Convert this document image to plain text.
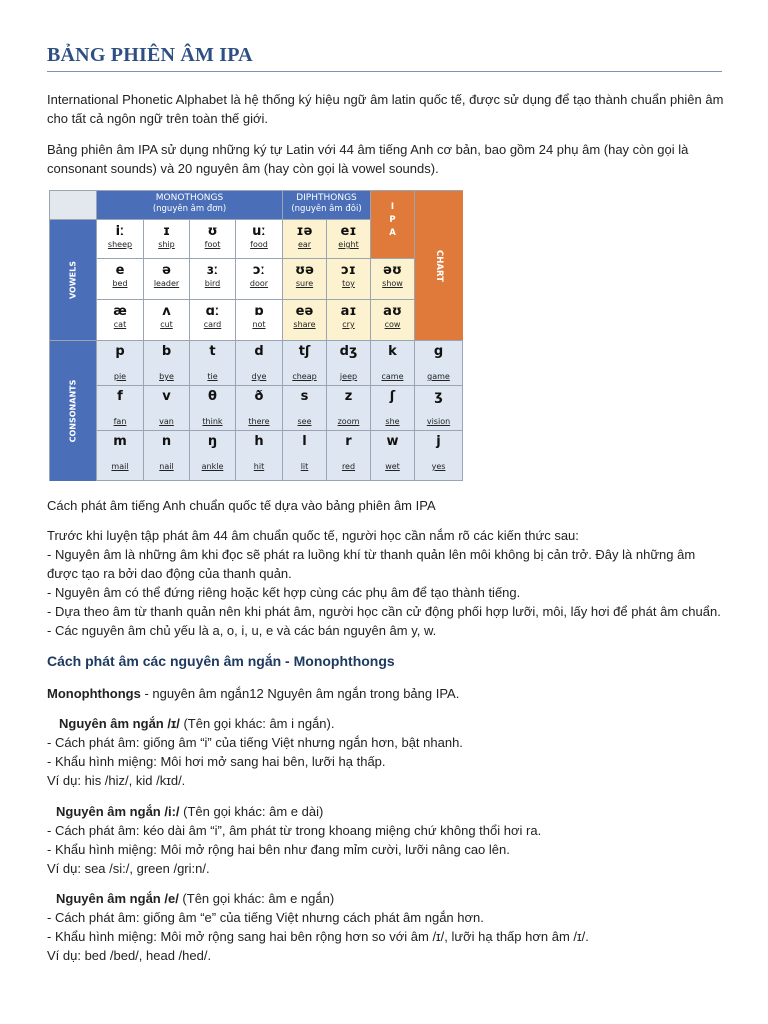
BẢNG PHIÊN ÂM IPA
International Phonetic Alphabet là hệ thống ký hiệu ngữ âm latin quốc tế, được sử dụng để tạo thành chuẩn phiên âm cho tất cả ngôn ngữ trên toàn thế giới.
Bảng phiên âm IPA sử dụng những ký tự Latin với 44 âm tiếng Anh cơ bản, bao gồm 24 phụ âm (hay còn gọi là consonant sounds) và 20 nguyên âm (hay còn gọi là vowel sounds).
MONOTHONGS
(nguyên âm đơn)
DIPHTHONGS
(nguyên âm đôi)	I
P
A
CHART
VOWELS
CONSONANTS
iː
sheep
ɪ
ship
ʊ
foot
uː
food
e
bed
ə
leader
ɜː
bird
ɔː
door
æ
cat
ʌ
cut
ɑː
card
ɒ
not
ɪə
ear
eɪ
eight
ʊə
sure
ɔɪ
toy
əʊ
show
eə
share
aɪ
cry
aʊ
cow
p
pie
b
bye
t
tie
d
dye
tʃ
cheap
dʒ
jeep
k
came
g
game
f
fan
v
van
θ
think
ð
there
s
see
z
zoom
ʃ
she
ʒ
vision
m
mail
n
nail
ŋ
ankle
h
hit
l
lit
r
red
w
wet
j
yes
Cách phát âm tiếng Anh chuẩn quốc tế dựa vào bảng phiên âm IPA
Trước khi luyện tập phát âm 44 âm chuẩn quốc tế, người học cần nắm rõ các kiến thức sau:
- Nguyên âm là những âm khi đọc sẽ phát ra luồng khí từ thanh quản lên môi không bị cản trở. Đây là những âm được tạo ra bởi dao động của thanh quản.
- Nguyên âm có thể đứng riêng hoặc kết hợp cùng các phụ âm để tạo thành tiếng.
- Dựa theo âm từ thanh quản nên khi phát âm, người học cần cử động phối hợp lưỡi, môi, lấy hơi để phát âm chuẩn.
- Các nguyên âm chủ yếu là a, o, i, u, e và các bán nguyên âm y, w.
Cách phát âm các nguyên âm ngắn - Monophthongs
Monophthongs - nguyên âm ngắn12 Nguyên âm ngắn trong bảng IPA.
Nguyên âm ngắn /ɪ/ (Tên gọi khác: âm i ngắn).
- Cách phát âm: giống âm “i” của tiếng Việt nhưng ngắn hơn, bật nhanh.
- Khẩu hình miệng: Môi hơi mở sang hai bên, lưỡi hạ thấp.
Ví dụ: his /hiz/, kid /kɪd/.
Nguyên âm ngắn /i:/ (Tên gọi khác: âm e dài)
- Cách phát âm: kéo dài âm “i”, âm phát từ trong khoang miệng chứ không thổi hơi ra.
- Khẩu hình miệng: Môi mở rộng hai bên như đang mỉm cười, lưỡi nâng cao lên.
Ví dụ: sea /si:/, green /gri:n/.
Nguyên âm ngắn /e/ (Tên gọi khác: âm e ngắn)
- Cách phát âm: giống âm “e” của tiếng Việt nhưng cách phát âm ngắn hơn.
- Khẩu hình miệng: Môi mở rộng sang hai bên rộng hơn so với âm /ɪ/, lưỡi hạ thấp hơn âm /ɪ/.
Ví dụ: bed /bed/, head /hed/.
